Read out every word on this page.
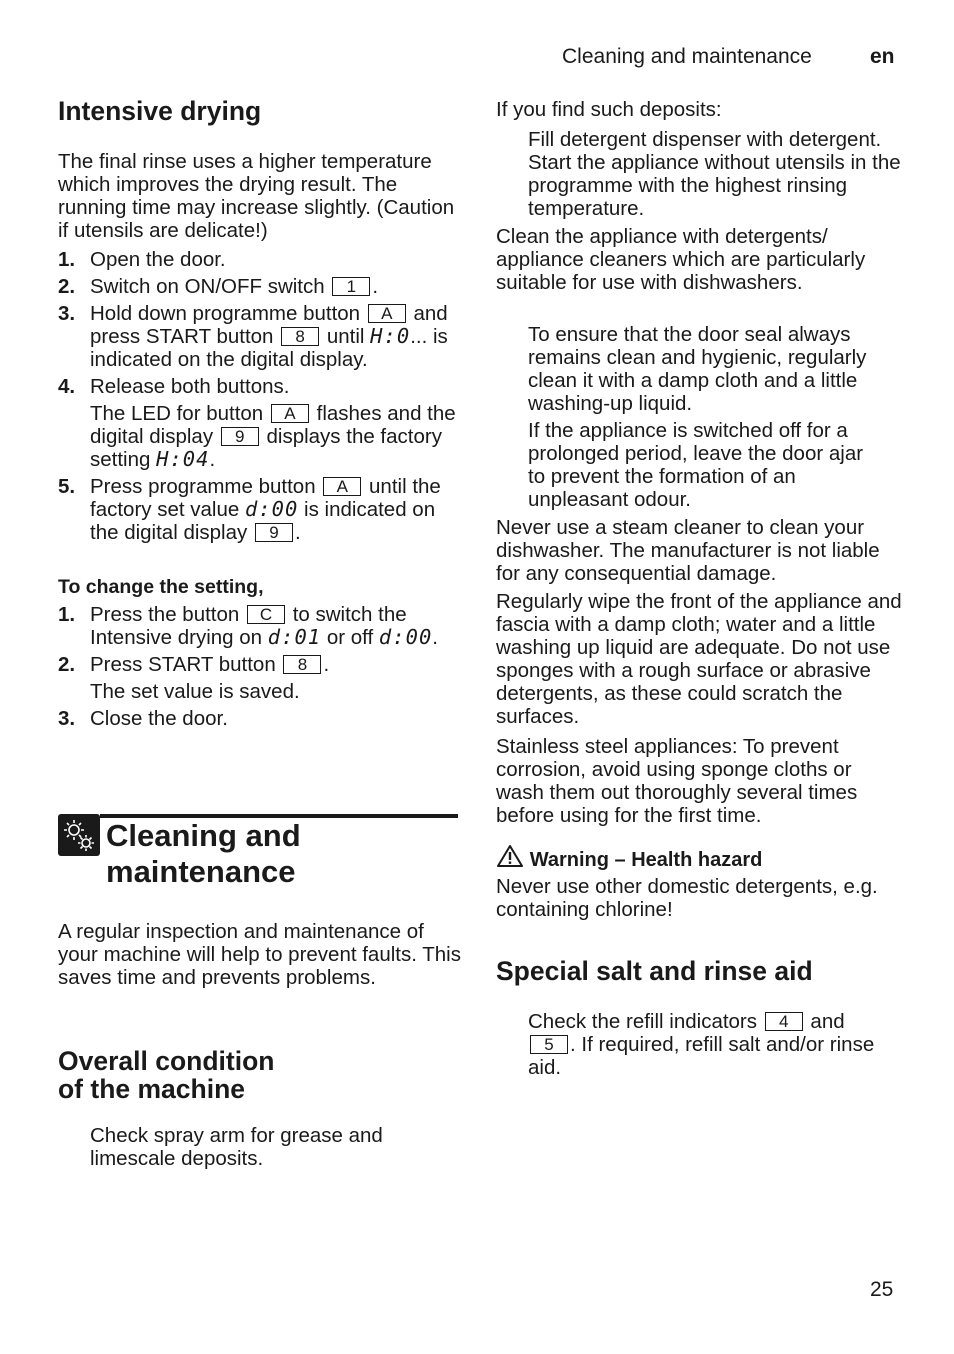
Cleaning and maintenance	en
Intensive drying

The final rinse uses a higher temperature which improves the drying result. The running time may increase slightly. (Caution if utensils are delicate!)

1. Open the door.
2. Switch on ON/OFF switch 1 .
3. Hold down programme button A and press START button 8 until H:0... is indicated on the digital display.
4. Release both buttons.
The LED for button A flashes and the digital display 9 displays the factory setting H:04.
5. Press programme button A until the factory set value d:00 is indicated on the digital display 9 .

To change the setting,

1. Press the button C to switch the Intensive drying on d:01 or off d:00.
2. Press START button 8 .
The set value is saved.
3. Close the door.
Cleaning and
maintenance

A regular inspection and maintenance of your machine will help to prevent faults. This saves time and prevents problems.

Overall condition
of the machine

Check spray arm for grease and limescale deposits.

If you find such deposits:

Fill detergent dispenser with detergent. Start the appliance without utensils in the programme with the highest rinsing temperature.

Clean the appliance with detergents/ appliance cleaners which are particularly suitable for use with dishwashers.

To ensure that the door seal always remains clean and hygienic, regularly clean it with a damp cloth and a little washing-up liquid.

If the appliance is switched off for a prolonged period, leave the door ajar to prevent the formation of an unpleasant odour.

Never use a steam cleaner to clean your dishwasher. The manufacturer is not liable for any consequential damage.

Regularly wipe the front of the appliance and fascia with a damp cloth; water and a little washing up liquid are adequate. Do not use sponges with a rough surface or abrasive detergents, as these could scratch the surfaces.

Stainless steel appliances: To prevent corrosion, avoid using sponge cloths or wash them out thoroughly several times before using for the first time.

Warning – Health hazard

Never use other domestic detergents, e.g. containing chlorine!

Special salt and rinse aid

Check the refill indicators 4 and 5 . If required, refill salt and/or rinse aid.

25
